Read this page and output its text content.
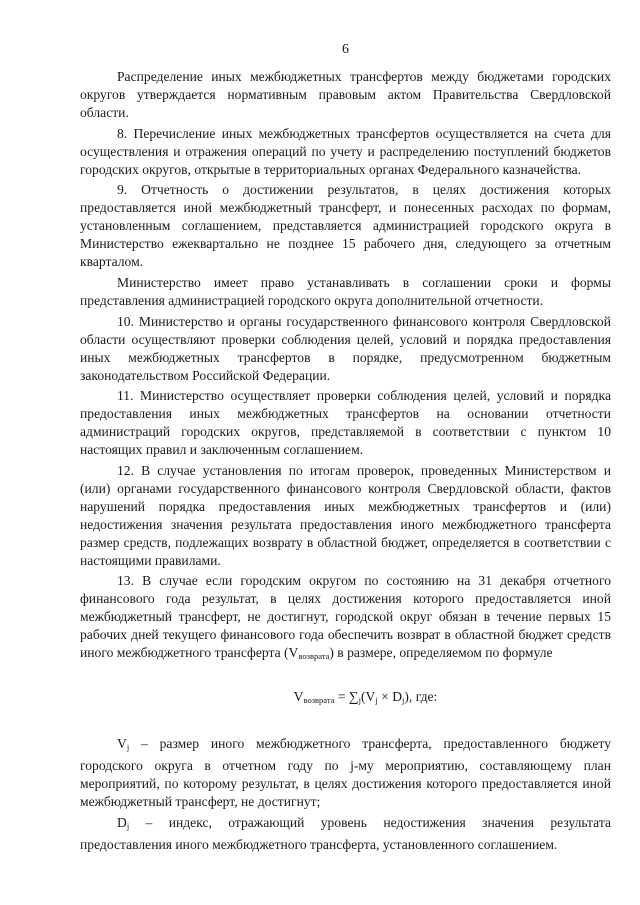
6

Распределение иных межбюджетных трансфертов между бюджетами городских округов утверждается нормативным правовым актом Правительства Свердловской области.

8. Перечисление иных межбюджетных трансфертов осуществляется на счета для осуществления и отражения операций по учету и распределению поступлений бюджетов городских округов, открытые в территориальных органах Федерального казначейства.

9. Отчетность о достижении результатов, в целях достижения которых предоставляется иной межбюджетный трансферт, и понесенных расходах по формам, установленным соглашением, представляется администрацией городского округа в Министерство ежеквартально не позднее 15 рабочего дня, следующего за отчетным кварталом.

Министерство имеет право устанавливать в соглашении сроки и формы представления администрацией городского округа дополнительной отчетности.

10. Министерство и органы государственного финансового контроля Свердловской области осуществляют проверки соблюдения целей, условий и порядка предоставления иных межбюджетных трансфертов в порядке, предусмотренном бюджетным законодательством Российской Федерации.

11. Министерство осуществляет проверки соблюдения целей, условий и порядка предоставления иных межбюджетных трансфертов на основании отчетности администраций городских округов, представляемой в соответствии с пунктом 10 настоящих правил и заключенным соглашением.

12. В случае установления по итогам проверок, проведенных Министерством и (или) органами государственного финансового контроля Свердловской области, фактов нарушений порядка предоставления иных межбюджетных трансфертов и (или) недостижения значения результата предоставления иного межбюджетного трансферта размер средств, подлежащих возврату в областной бюджет, определяется в соответствии с настоящими правилами.

13. В случае если городским округом по состоянию на 31 декабря отчетного финансового года результат, в целях достижения которого предоставляется иной межбюджетный трансферт, не достигнут, городской округ обязан в течение первых 15 рабочих дней текущего финансового года обеспечить возврат в областной бюджет средств иного межбюджетного трансферта $(V_{возврата})$ в размере, определяемом по формуле

$V_{возврата} = \sum_j(V_j \times D_j)$, где:

$V_j$ – размер иного межбюджетного трансферта, предоставленного бюджету городского округа в отчетном году по j-му мероприятию, составляющему план мероприятий, по которому результат, в целях достижения которого предоставляется иной межбюджетный трансферт, не достигнут;

$D_j$ – индекс, отражающий уровень недостижения значения результата предоставления иного межбюджетного трансферта, установленного соглашением.
